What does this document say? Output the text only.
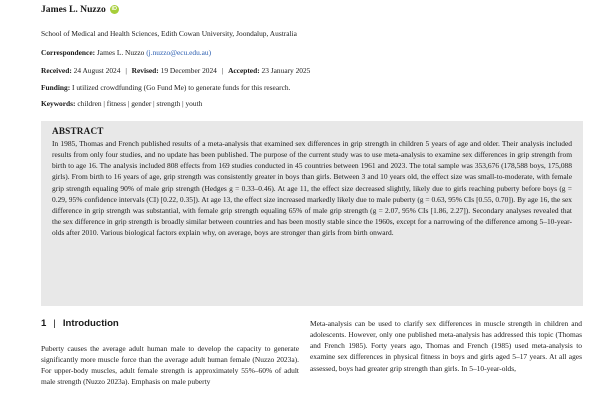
James L. Nuzzo	iD
School of Medical and Health Sciences, Edith Cowan University, Joondalup, Australia
Correspondence: James L. Nuzzo (j.nuzzo@ecu.edu.au)
Received: 24 August 2024 | Revised: 19 December 2024 | Accepted: 23 January 2025
Funding: I utilized crowdfunding (Go Fund Me) to generate funds for this research.
Keywords: children | fitness | gender | strength | youth
ABSTRACT
In 1985, Thomas and French published results of a meta-analysis that examined sex differences in grip strength in children 5 years of age and older. Their analysis included results from only four studies, and no update has been published. The purpose of the current study was to use meta-analysis to examine sex differences in grip strength from birth to age 16. The analysis included 808 effects from 169 studies conducted in 45 countries between 1961 and 2023. The total sample was 353,676 (178,588 boys, 175,088 girls). From birth to 16 years of age, grip strength was consistently greater in boys than girls. Between 3 and 10 years old, the effect size was small-to-moderate, with female grip strength equaling 90% of male grip strength (Hedges g = 0.33–0.46). At age 11, the effect size decreased slightly, likely due to girls reaching puberty before boys (g = 0.29, 95% confidence intervals (CI) [0.22, 0.35]). At age 13, the effect size increased markedly likely due to male puberty (g = 0.63, 95% CIs [0.55, 0.70]). By age 16, the sex difference in grip strength was substantial, with female grip strength equaling 65% of male grip strength (g = 2.07, 95% CIs [1.86, 2.27]). Secondary analyses revealed that the sex difference in grip strength is broadly similar between countries and has been mostly stable since the 1960s, except for a narrowing of the difference among 5–10-year-olds after 2010. Various biological factors explain why, on average, boys are stronger than girls from birth onward.
1 | Introduction
Puberty causes the average adult human male to develop the capacity to generate significantly more muscle force than the average adult human female (Nuzzo 2023a). For upper-body muscles, adult female strength is approximately 55%–60% of adult male strength (Nuzzo 2023a). Emphasis on male puberty
Meta-analysis can be used to clarify sex differences in muscle strength in children and adolescents. However, only one published meta-analysis has addressed this topic (Thomas and French 1985). Forty years ago, Thomas and French (1985) used meta-analysis to examine sex differences in physical fitness in boys and girls aged 5–17 years. At all ages assessed, boys had greater grip strength than girls. In 5–10-year-olds,
